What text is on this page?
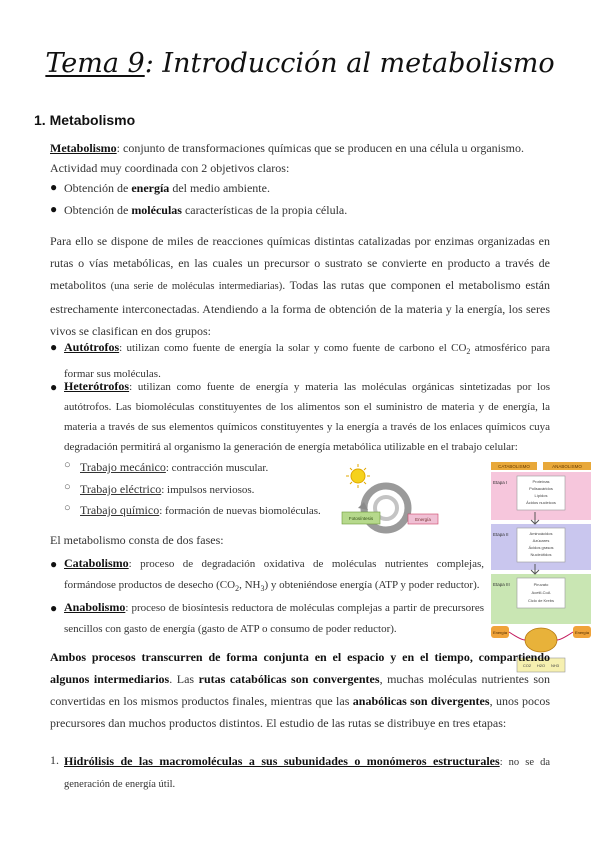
Tema 9: Introducción al metabolismo
1. Metabolismo
Metabolismo: conjunto de transformaciones químicas que se producen en una célula u organismo. Actividad muy coordinada con 2 objetivos claros:
● Obtención de energía del medio ambiente.
● Obtención de moléculas características de la propia célula.
Para ello se dispone de miles de reacciones químicas distintas catalizadas por enzimas organizadas en rutas o vías metabólicas, en las cuales un precursor o sustrato se convierte en producto a través de metabolitos (una serie de moléculas intermediarias). Todas las rutas que componen el metabolismo están estrechamente interconectadas. Atendiendo a la forma de obtención de la materia y la energía, los seres vivos se clasifican en dos grupos:
● Autótrofos: utilizan como fuente de energía la solar y como fuente de carbono el $CO_2$ atmosférico para formar sus moléculas.
● Heterótrofos: utilizan como fuente de energía y materia las moléculas orgánicas sintetizadas por los autótrofos. Las biomoléculas constituyentes de los alimentos son el suministro de materia y de energía, la materia a través de sus elementos químicos constituyentes y la energía a través de los enlaces químicos cuya degradación permitirá al organismo la generación de energía metabólica utilizable en el trabajo celular:
○ Trabajo mecánico: contracción muscular.
○ Trabajo eléctrico: impulsos nerviosos.
○ Trabajo químico: formación de nuevas biomoléculas.
Fotosíntesis	Energía
CATABOLISMO	ANABOLISMO
Etapa I
Etapa II
Etapa III
Proteínas
Polisacáridos
Lípidos
Ácidos nucleicos
Aminoácidos
Azúcares
Ácidos grasos
Nucleótidos
Piruvato
Acetil-CoA
Ciclo de Krebs
Energía	Energía
CO2 H2O NH3
El metabolismo consta de dos fases:
● Catabolismo: proceso de degradación oxidativa de moléculas nutrientes complejas, formándose productos de desecho ($CO_2$, $NH_3$) y obteniéndose energía (ATP y poder reductor).
● Anabolismo: proceso de biosíntesis reductora de moléculas complejas a partir de precursores sencillos con gasto de energía (gasto de ATP o consumo de poder reductor).
Ambos procesos transcurren de forma conjunta en el espacio y en el tiempo, compartiendo algunos intermediarios. Las rutas catabólicas son convergentes, muchas moléculas nutrientes son convertidas en los mismos productos finales, mientras que las anabólicas son divergentes, unos pocos precursores dan muchos productos distintos. El estudio de las rutas se distribuye en tres etapas:
1. Hidrólisis de las macromoléculas a sus subunidades o monómeros estructurales: no se da generación de energía útil.
